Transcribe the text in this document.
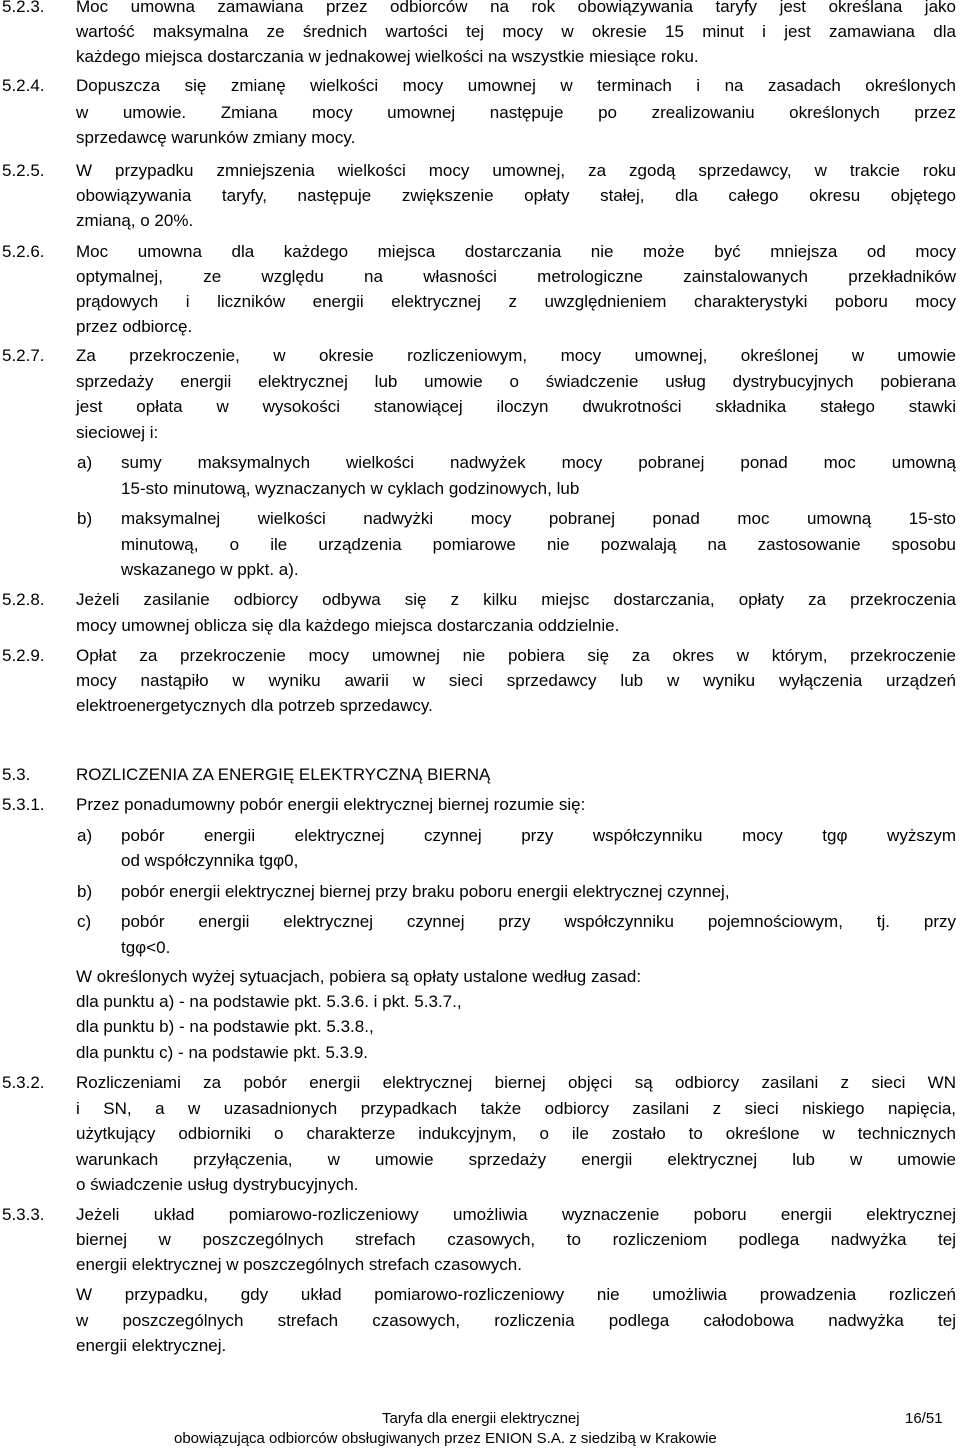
5.2.3. Moc umowna zamawiana przez odbiorców na rok obowiązywania taryfy jest określana jako
wartość maksymalna ze średnich wartości tej mocy w okresie 15 minut i jest zamawiana dla
każdego miejsca dostarczania w jednakowej wielkości na wszystkie miesiące roku.
5.2.4. Dopuszcza się zmianę wielkości mocy umownej w terminach i na zasadach określonych
w umowie. Zmiana mocy umownej następuje po zrealizowaniu określonych przez
sprzedawcę warunków zmiany mocy.
5.2.5. W przypadku zmniejszenia wielkości mocy umownej, za zgodą sprzedawcy, w trakcie roku
obowiązywania taryfy, następuje zwiększenie opłaty stałej, dla całego okresu objętego
zmianą, o 20%.
5.2.6. Moc umowna dla każdego miejsca dostarczania nie może być mniejsza od mocy
optymalnej, ze względu na własności metrologiczne zainstalowanych przekładników
prądowych i liczników energii elektrycznej z uwzględnieniem charakterystyki poboru mocy
przez odbiorcę.
5.2.7. Za przekroczenie, w okresie rozliczeniowym, mocy umownej, określonej w umowie
sprzedaży energii elektrycznej lub umowie o świadczenie usług dystrybucyjnych pobierana
jest opłata w wysokości stanowiącej iloczyn dwukrotności składnika stałego stawki
sieciowej i:
a) sumy maksymalnych wielkości nadwyżek mocy pobranej ponad moc umowną
15-sto minutową, wyznaczanych w cyklach godzinowych, lub
b) maksymalnej wielkości nadwyżki mocy pobranej ponad moc umowną 15-sto
minutową, o ile urządzenia pomiarowe nie pozwalają na zastosowanie sposobu
wskazanego w ppkt. a).
5.2.8. Jeżeli zasilanie odbiorcy odbywa się z kilku miejsc dostarczania, opłaty za przekroczenia
mocy umownej oblicza się dla każdego miejsca dostarczania oddzielnie.
5.2.9. Opłat za przekroczenie mocy umownej nie pobiera się za okres w którym, przekroczenie
mocy nastąpiło w wyniku awarii w sieci sprzedawcy lub w wyniku wyłączenia urządzeń
elektroenergetycznych dla potrzeb sprzedawcy.
5.3.	ROZLICZENIA ZA ENERGIĘ ELEKTRYCZNĄ BIERNĄ
5.3.1. Przez ponadumowny pobór energii elektrycznej biernej rozumie się:
a) pobór energii elektrycznej czynnej przy współczynniku mocy tgφ wyższym
od współczynnika tgφ0,
b) pobór energii elektrycznej biernej przy braku poboru energii elektrycznej czynnej,
c) pobór energii elektrycznej czynnej przy współczynniku pojemnościowym, tj. przy
tgφ<0.
W określonych wyżej sytuacjach, pobiera są opłaty ustalone według zasad:
dla punktu a) - na podstawie pkt. 5.3.6. i pkt. 5.3.7.,
dla punktu b) - na podstawie pkt. 5.3.8.,
dla punktu c) - na podstawie pkt. 5.3.9.
5.3.2. Rozliczeniami za pobór energii elektrycznej biernej objęci są odbiorcy zasilani z sieci WN
i SN, a w uzasadnionych przypadkach także odbiorcy zasilani z sieci niskiego napięcia,
użytkujący odbiorniki o charakterze indukcyjnym, o ile zostało to określone w technicznych
warunkach przyłączenia, w umowie sprzedaży energii elektrycznej lub w umowie
o świadczenie usług dystrybucyjnych.
5.3.3. Jeżeli układ pomiarowo-rozliczeniowy umożliwia wyznaczenie poboru energii elektrycznej
biernej w poszczególnych strefach czasowych, to rozliczeniom podlega nadwyżka tej
energii elektrycznej w poszczególnych strefach czasowych.
W przypadku, gdy układ pomiarowo-rozliczeniowy nie umożliwia prowadzenia rozliczeń
w poszczególnych strefach czasowych, rozliczenia podlega całodobowa nadwyżka tej
energii elektrycznej.
Taryfa dla energii elektrycznej
obowiązująca odbiorców obsługiwanych przez ENION S.A. z siedzibą w Krakowie
16/51
